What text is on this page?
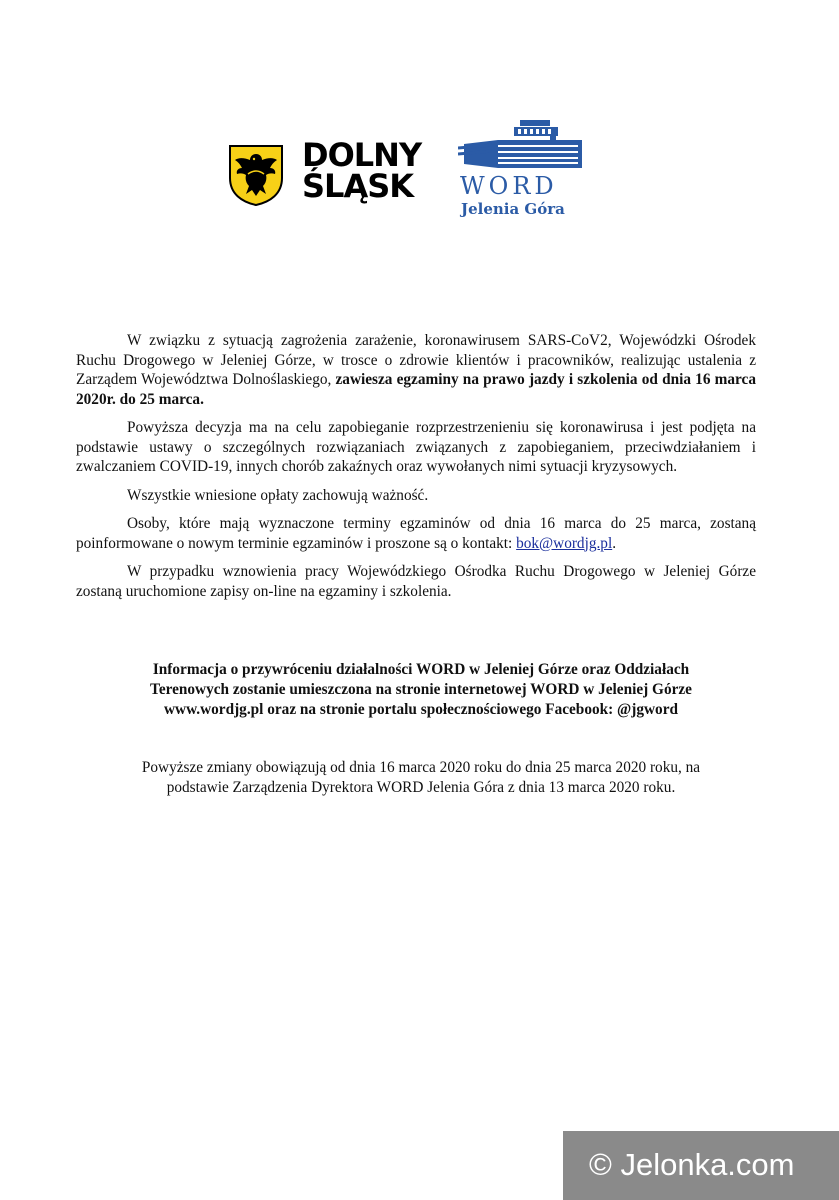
DOLNY
ŚLĄSK	WORD
Jelenia Góra

W związku z sytuacją zagrożenia zarażenie, koronawirusem SARS-CoV2, Wojewódzki Ośrodek Ruchu Drogowego w Jeleniej Górze, w trosce o zdrowie klientów i pracowników, realizując ustalenia z Zarządem Województwa Dolnoślaskiego, zawiesza egzaminy na prawo jazdy i szkolenia od dnia 16 marca 2020r. do 25 marca.

Powyższa decyzja ma na celu zapobieganie rozprzestrzenieniu się koronawirusa i jest podjęta na podstawie ustawy o szczególnych rozwiązaniach związanych z zapobieganiem, przeciwdziałaniem i zwalczaniem COVID-19, innych chorób zakaźnych oraz wywołanych nimi sytuacji kryzysowych.

Wszystkie wniesione opłaty zachowują ważność.

Osoby, które mają wyznaczone terminy egzaminów od dnia 16 marca do 25 marca, zostaną poinformowane o nowym terminie egzaminów i proszone są o kontakt: bok@wordjg.pl.

W przypadku wznowienia pracy Wojewódzkiego Ośrodka Ruchu Drogowego w Jeleniej Górze zostaną uruchomione zapisy on-line na egzaminy i szkolenia.

Informacja o przywróceniu działalności WORD w Jeleniej Górze oraz Oddziałach
Terenowych zostanie umieszczona na stronie internetowej WORD w Jeleniej Górze
www.wordjg.pl oraz na stronie portalu społecznościowego Facebook: @jgword
Powyższe zmiany obowiązują od dnia 16 marca 2020 roku do dnia 25 marca 2020 roku, na
podstawie Zarządzenia Dyrektora WORD Jelenia Góra z dnia 13 marca 2020 roku.
© Jelonka.com
